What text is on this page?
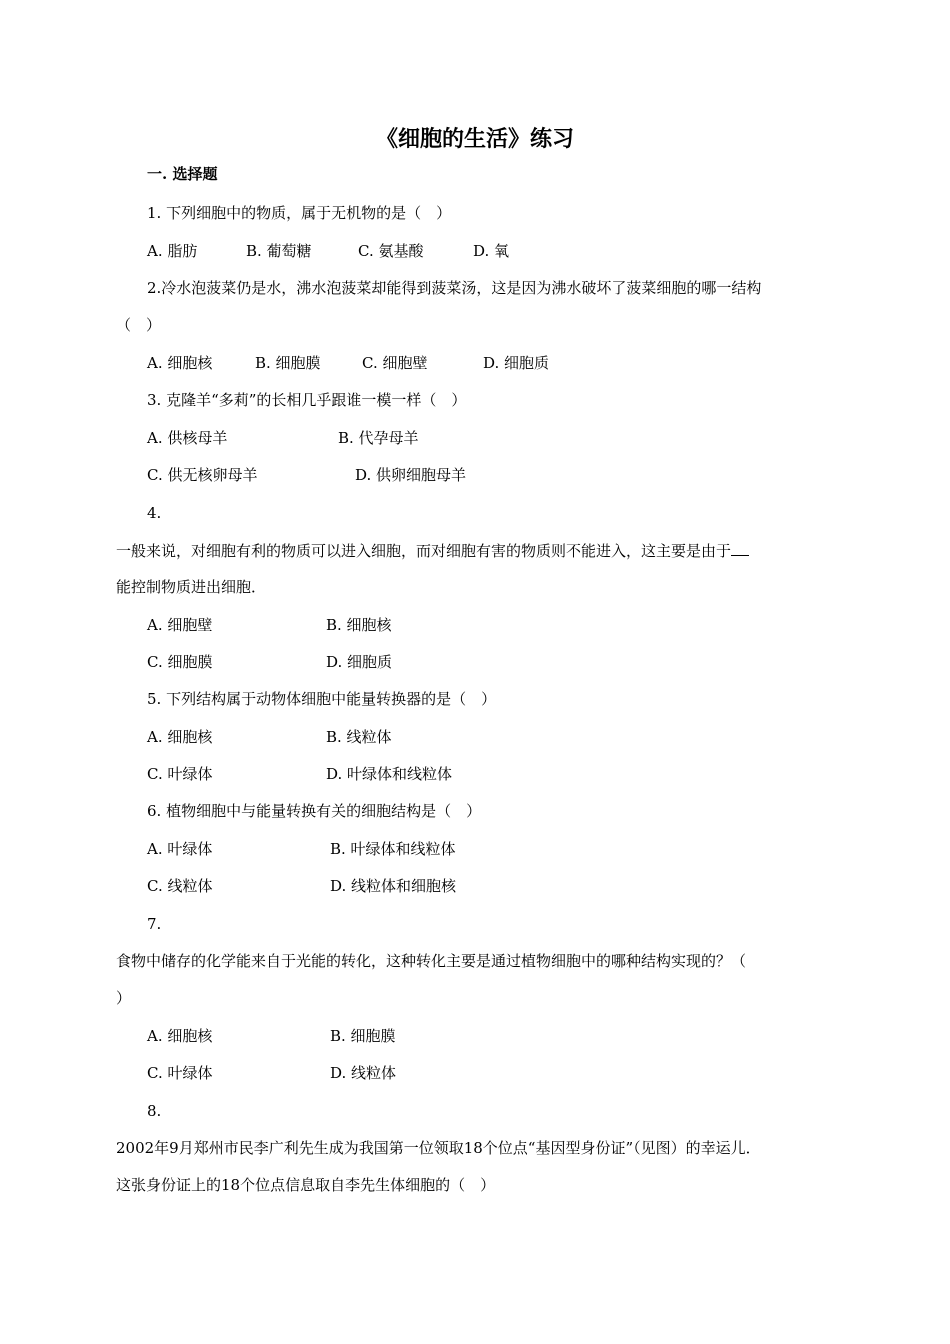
《细胞的生活》练习
一. 选择题
1. 下列细胞中的物质，属于无机物的是（　）
A. 脂肪	B. 葡萄糖	C. 氨基酸	D. 氧
2.冷水泡菠菜仍是水，沸水泡菠菜却能得到菠菜汤，这是因为沸水破坏了菠菜细胞的哪一结构
（　）
A. 细胞核	B. 细胞膜	C. 细胞壁	D. 细胞质
3. 克隆羊“多莉”的长相几乎跟谁一模一样（　）
A. 供核母羊	B. 代孕母羊
C. 供无核卵母羊	D. 供卵细胞母羊
4.
一般来说，对细胞有利的物质可以进入细胞，而对细胞有害的物质则不能进入，这主要是由于
能控制物质进出细胞．
A. 细胞壁	B. 细胞核
C. 细胞膜	D. 细胞质
5. 下列结构属于动物体细胞中能量转换器的是（　）
A. 细胞核	B. 线粒体
C. 叶绿体	D. 叶绿体和线粒体
6. 植物细胞中与能量转换有关的细胞结构是（　）
A. 叶绿体	B. 叶绿体和线粒体
C. 线粒体	D. 线粒体和细胞核
7.
食物中储存的化学能来自于光能的转化，这种转化主要是通过植物细胞中的哪种结构实现的？（
）
A. 细胞核	B. 细胞膜
C. 叶绿体	D. 线粒体
8.
2002年9月郑州市民李广利先生成为我国第一位领取18个位点“基因型身份证”（见图）的幸运儿．
这张身份证上的18个位点信息取自李先生体细胞的（　）
